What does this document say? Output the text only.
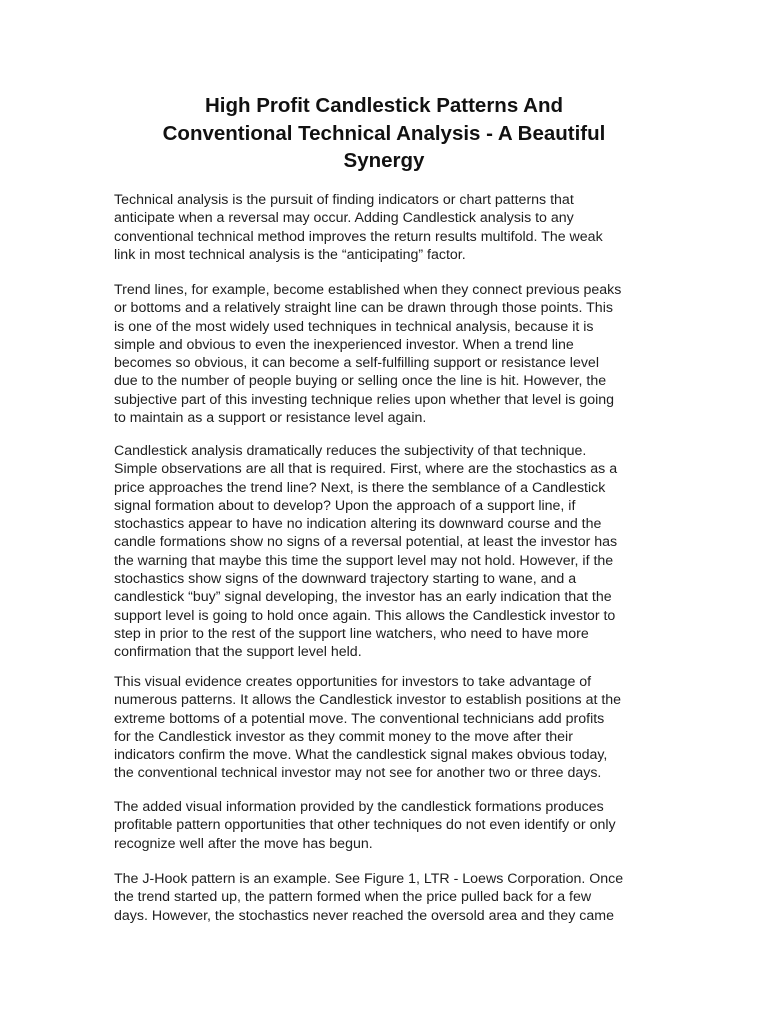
High Profit Candlestick Patterns And
Conventional Technical Analysis - A Beautiful
Synergy

Technical analysis is the pursuit of finding indicators or chart patterns that
anticipate when a reversal may occur. Adding Candlestick analysis to any
conventional technical method improves the return results multifold. The weak
link in most technical analysis is the “anticipating” factor.

Trend lines, for example, become established when they connect previous peaks
or bottoms and a relatively straight line can be drawn through those points. This
is one of the most widely used techniques in technical analysis, because it is
simple and obvious to even the inexperienced investor. When a trend line
becomes so obvious, it can become a self-fulfilling support or resistance level
due to the number of people buying or selling once the line is hit. However, the
subjective part of this investing technique relies upon whether that level is going
to maintain as a support or resistance level again.

Candlestick analysis dramatically reduces the subjectivity of that technique.
Simple observations are all that is required. First, where are the stochastics as a
price approaches the trend line? Next, is there the semblance of a Candlestick
signal formation about to develop? Upon the approach of a support line, if
stochastics appear to have no indication altering its downward course and the
candle formations show no signs of a reversal potential, at least the investor has
the warning that maybe this time the support level may not hold. However, if the
stochastics show signs of the downward trajectory starting to wane, and a
candlestick “buy” signal developing, the investor has an early indication that the
support level is going to hold once again. This allows the Candlestick investor to
step in prior to the rest of the support line watchers, who need to have more
confirmation that the support level held.

This visual evidence creates opportunities for investors to take advantage of
numerous patterns. It allows the Candlestick investor to establish positions at the
extreme bottoms of a potential move. The conventional technicians add profits
for the Candlestick investor as they commit money to the move after their
indicators confirm the move. What the candlestick signal makes obvious today,
the conventional technical investor may not see for another two or three days.

The added visual information provided by the candlestick formations produces
profitable pattern opportunities that other techniques do not even identify or only
recognize well after the move has begun.

The J-Hook pattern is an example. See Figure 1, LTR - Loews Corporation. Once
the trend started up, the pattern formed when the price pulled back for a few
days. However, the stochastics never reached the oversold area and they came
